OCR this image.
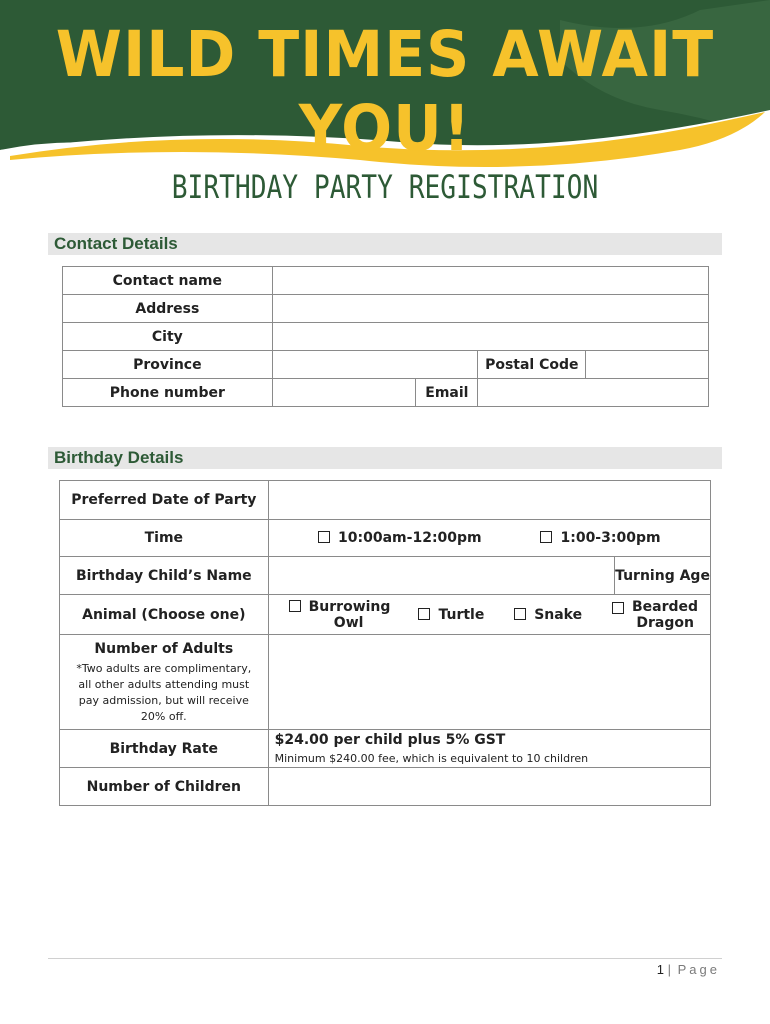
WILD TIMES AWAIT YOU!
BIRTHDAY PARTY REGISTRATION
Contact Details
Contact name				
Address				
City				
Province			Postal Code	
Phone number		Email		
Birthday Details
Preferred Date of Party		
Time	10:00am-12:00pm 1:00-3:00pm	

Birthday Child’s Name		Turning Age
Animal (Choose one)	Burrowing Owl Turtle Snake Bearded Dragon	

Number of Adults
*Two adults are complimentary, all other adults attending must pay admission, but will receive 20% off.		

Birthday Rate	$24.00 per child plus 5% GST
Minimum $240.00 fee, which is equivalent to 10 children	

Number of Children		
1 | Page
